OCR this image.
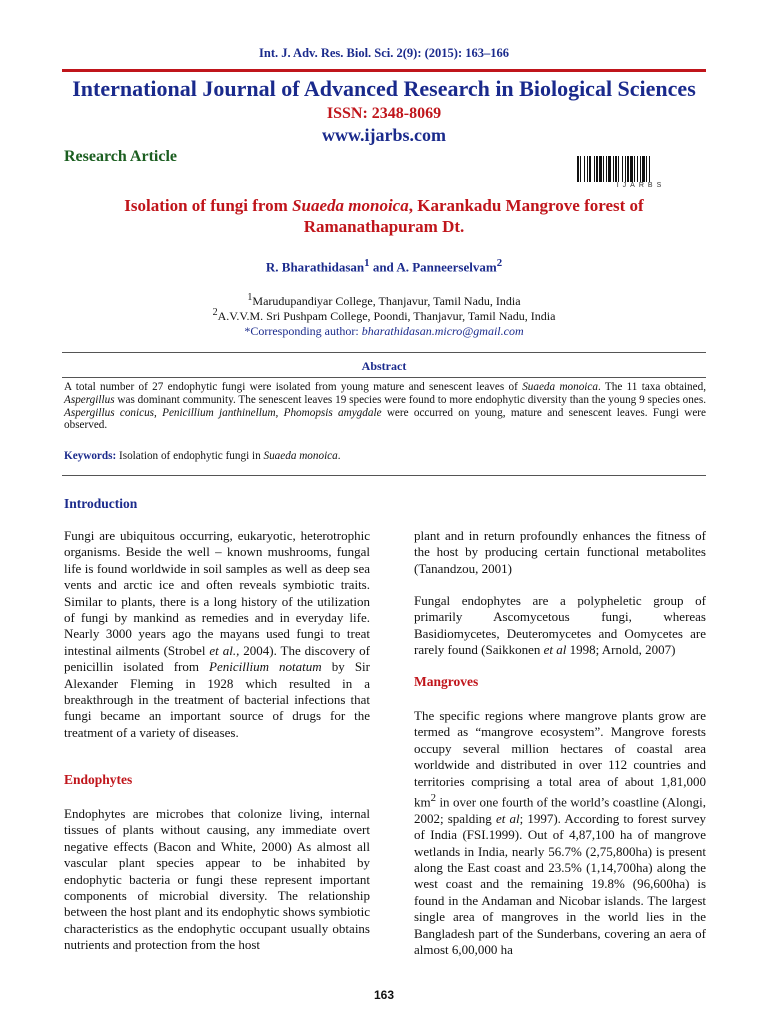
Int. J. Adv. Res. Biol. Sci. 2(9): (2015): 163–166
International Journal of Advanced Research in Biological Sciences
ISSN: 2348-8069
www.ijarbs.com
Research Article
IJARBS
Isolation of fungi from Suaeda monoica, Karankadu Mangrove forest of
Ramanathapuram Dt.
R. Bharathidasan$^1$ and A. Panneerselvam$^2$
$^1$Marudupandiyar College, Thanjavur, Tamil Nadu, India
$^2$A.V.V.M. Sri Pushpam College, Poondi, Thanjavur, Tamil Nadu, India
*Corresponding author: bharathidasan.micro@gmail.com
Abstract
A total number of 27 endophytic fungi were isolated from young mature and senescent leaves of Suaeda monoica. The 11 taxa obtained, Aspergillus was dominant community. The senescent leaves 19 species were found to more endophytic diversity than the young 9 species ones. Aspergillus conicus, Penicillium janthinellum, Phomopsis amygdale were occurred on young, mature and senescent leaves. Fungi were observed.
Keywords: Isolation of endophytic fungi in Suaeda monoica.
Introduction

Fungi are ubiquitous occurring, eukaryotic, heterotrophic organisms. Beside the well – known mushrooms, fungal life is found worldwide in soil samples as well as deep sea vents and arctic ice and often reveals symbiotic traits. Similar to plants, there is a long history of the utilization of fungi by mankind as remedies and in everyday life. Nearly 3000 years ago the mayans used fungi to treat intestinal ailments (Strobel et al., 2004). The discovery of penicillin isolated from Penicillium notatum by Sir Alexander Fleming in 1928 which resulted in a breakthrough in the treatment of bacterial infections that fungi became an important source of drugs for the treatment of a variety of diseases.

Endophytes

Endophytes are microbes that colonize living, internal tissues of plants without causing, any immediate overt negative effects (Bacon and White, 2000) As almost all vascular plant species appear to be inhabited by endophytic bacteria or fungi these represent important components of microbial diversity. The relationship between the host plant and its endophytic shows symbiotic characteristics as the endophytic occupant usually obtains nutrients and protection from the host

plant and in return profoundly enhances the fitness of the host by producing certain functional metabolites (Tanandzou, 2001)

Fungal endophytes are a polypheletic group of primarily Ascomycetous fungi, whereas Basidiomycetes, Deuteromycetes and Oomycetes are rarely found (Saikkonen et al 1998; Arnold, 2007)

Mangroves

The specific regions where mangrove plants grow are termed as “mangrove ecosystem”. Mangrove forests occupy several million hectares of coastal area worldwide and distributed in over 112 countries and territories comprising a total area of about 1,81,000 $km^2$ in over one fourth of the world’s coastline (Alongi, 2002; spalding et al; 1997). According to forest survey of India (FSI.1999). Out of 4,87,100 ha of mangrove wetlands in India, nearly 56.7% (2,75,800ha) is present along the East coast and 23.5% (1,14,700ha) along the west coast and the remaining 19.8% (96,600ha) is found in the Andaman and Nicobar islands. The largest single area of mangroves in the world lies in the Bangladesh part of the Sunderbans, covering an aera of almost 6,00,000 ha

163
